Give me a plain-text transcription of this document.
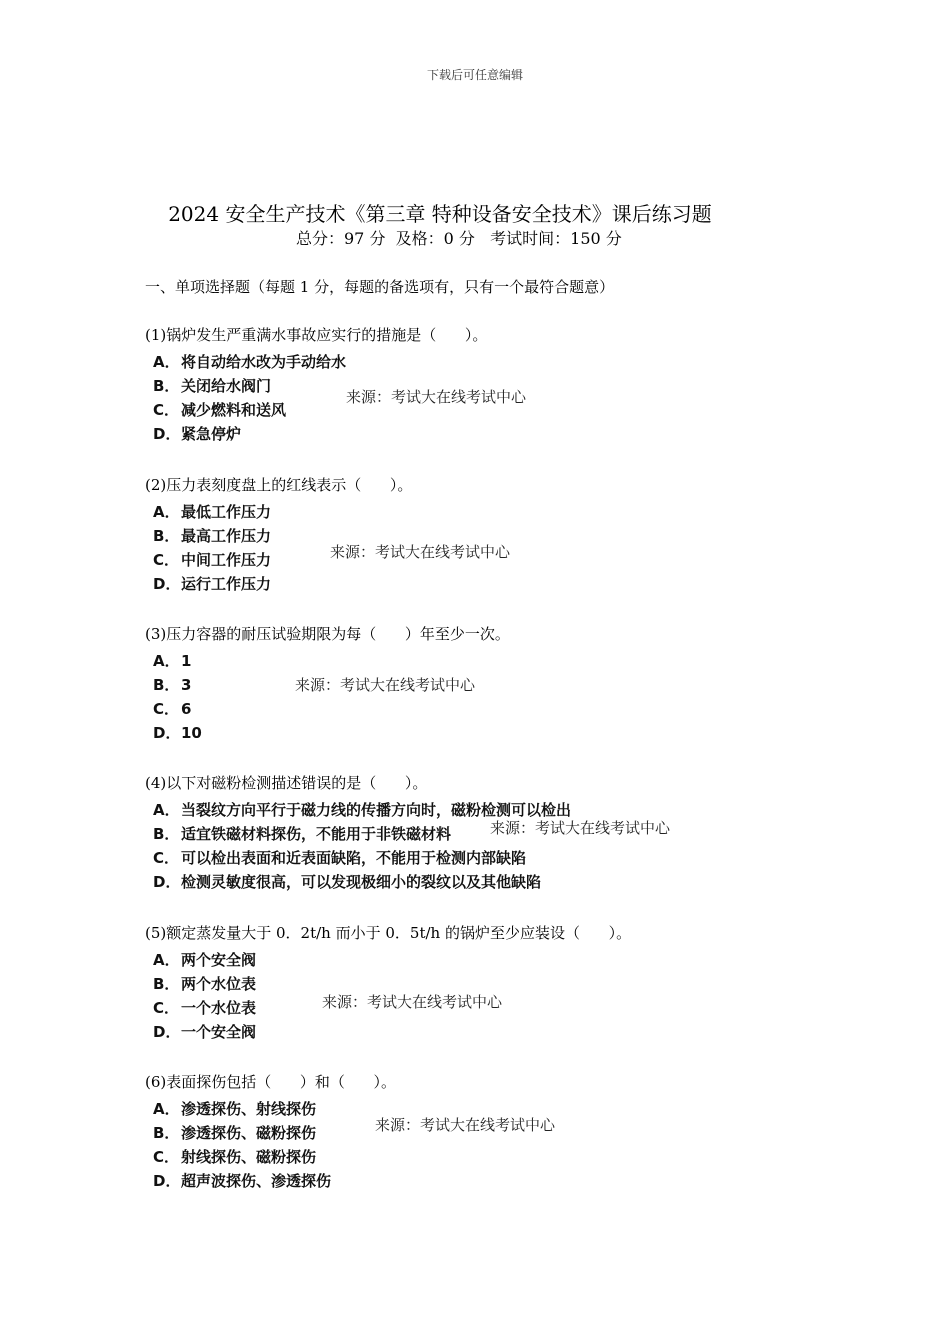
下载后可任意编辑
2024 安全生产技术《第三章 特种设备安全技术》课后练习题
总分：97 分  及格：0 分   考试时间：150 分
一、单项选择题（每题 1 分，每题的备选项有，只有一个最符合题意）
(1)锅炉发生严重满水事故应实行的措施是（      ）。
A．将自动给水改为手动给水
B． 关闭给水阀门
C． 减少燃料和送风
D．紧急停炉
来源：考试大在线考试中心
(2)压力表刻度盘上的红线表示（      ）。
A．最低工作压力
B． 最高工作压力
C． 中间工作压力
D．运行工作压力
来源：考试大在线考试中心
(3)压力容器的耐压试验期限为每（      ）年至少一次。
A．1
B． 3
C． 6
D．10
来源：考试大在线考试中心
(4)以下对磁粉检测描述错误的是（      ）。
A．当裂纹方向平行于磁力线的传播方向时，磁粉检测可以检出
B． 适宜铁磁材料探伤，不能用于非铁磁材料
C． 可以检出表面和近表面缺陷，不能用于检测内部缺陷
D．检测灵敏度很高，可以发现极细小的裂纹以及其他缺陷
来源：考试大在线考试中心
(5)额定蒸发量大于 0．2t/h 而小于 0．5t/h 的锅炉至少应装设（      ）。
A．两个安全阀
B． 两个水位表
C． 一个水位表
D．一个安全阀
来源：考试大在线考试中心
(6)表面探伤包括（      ）和（      ）。
A．渗透探伤、射线探伤
B． 渗透探伤、磁粉探伤
C． 射线探伤、磁粉探伤
D．超声波探伤、渗透探伤
来源：考试大在线考试中心
